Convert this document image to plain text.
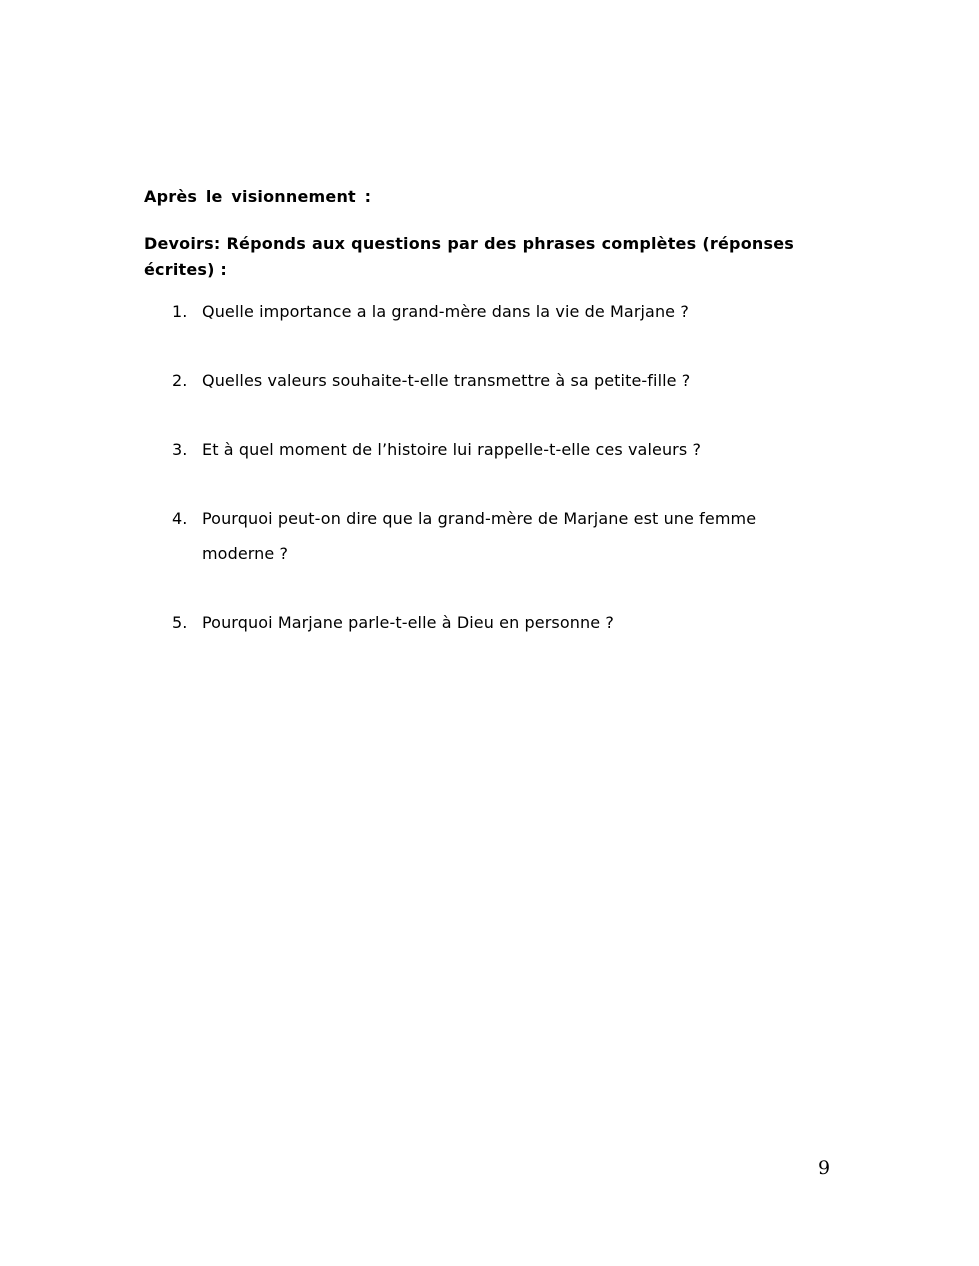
Après le visionnement :

Devoirs: Réponds aux questions par des phrases complètes (réponses écrites) :

1. Quelle importance a la grand-mère dans la vie de Marjane ?
2. Quelles valeurs souhaite-t-elle transmettre à sa petite-fille ?
3. Et à quel moment de l’histoire lui rappelle-t-elle ces valeurs ?
4. Pourquoi peut-on dire que la grand-mère de Marjane est une femme moderne ?
5. Pourquoi Marjane parle-t-elle à Dieu en personne ?
9
